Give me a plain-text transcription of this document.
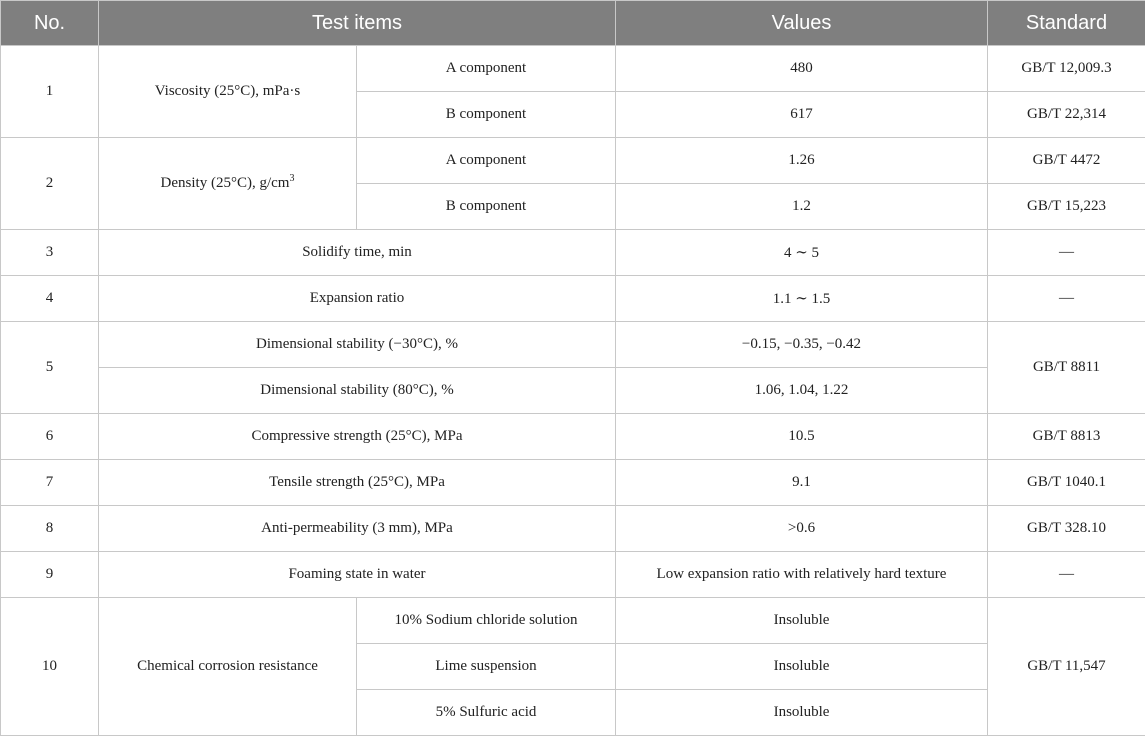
No.	Test items		Values	Standard
1	Viscosity (25°C), mPa·s	A component	480	GB/T 12,009.3
		B component	617	GB/T 22,314
2	Density (25°C), $g/cm^3$	A component	1.26	GB/T 4472
		B component	1.2	GB/T 15,223
3	Solidify time, min		4 ∼ 5	—
4	Expansion ratio		1.1 ∼ 1.5	—
5	Dimensional stability (−30°C), %		−0.15, −0.35, −0.42	GB/T 8811
	Dimensional stability (80°C), %		1.06, 1.04, 1.22	
6	Compressive strength (25°C), MPa		10.5	GB/T 8813
7	Tensile strength (25°C), MPa		9.1	GB/T 1040.1
8	Anti-permeability (3 mm), MPa		>0.6	GB/T 328.10
9	Foaming state in water		Low expansion ratio with relatively hard texture	—
10	Chemical corrosion resistance	10% Sodium chloride solution	Insoluble	GB/T 11,547
		Lime suspension	Insoluble	
		5% Sulfuric acid	Insoluble	
